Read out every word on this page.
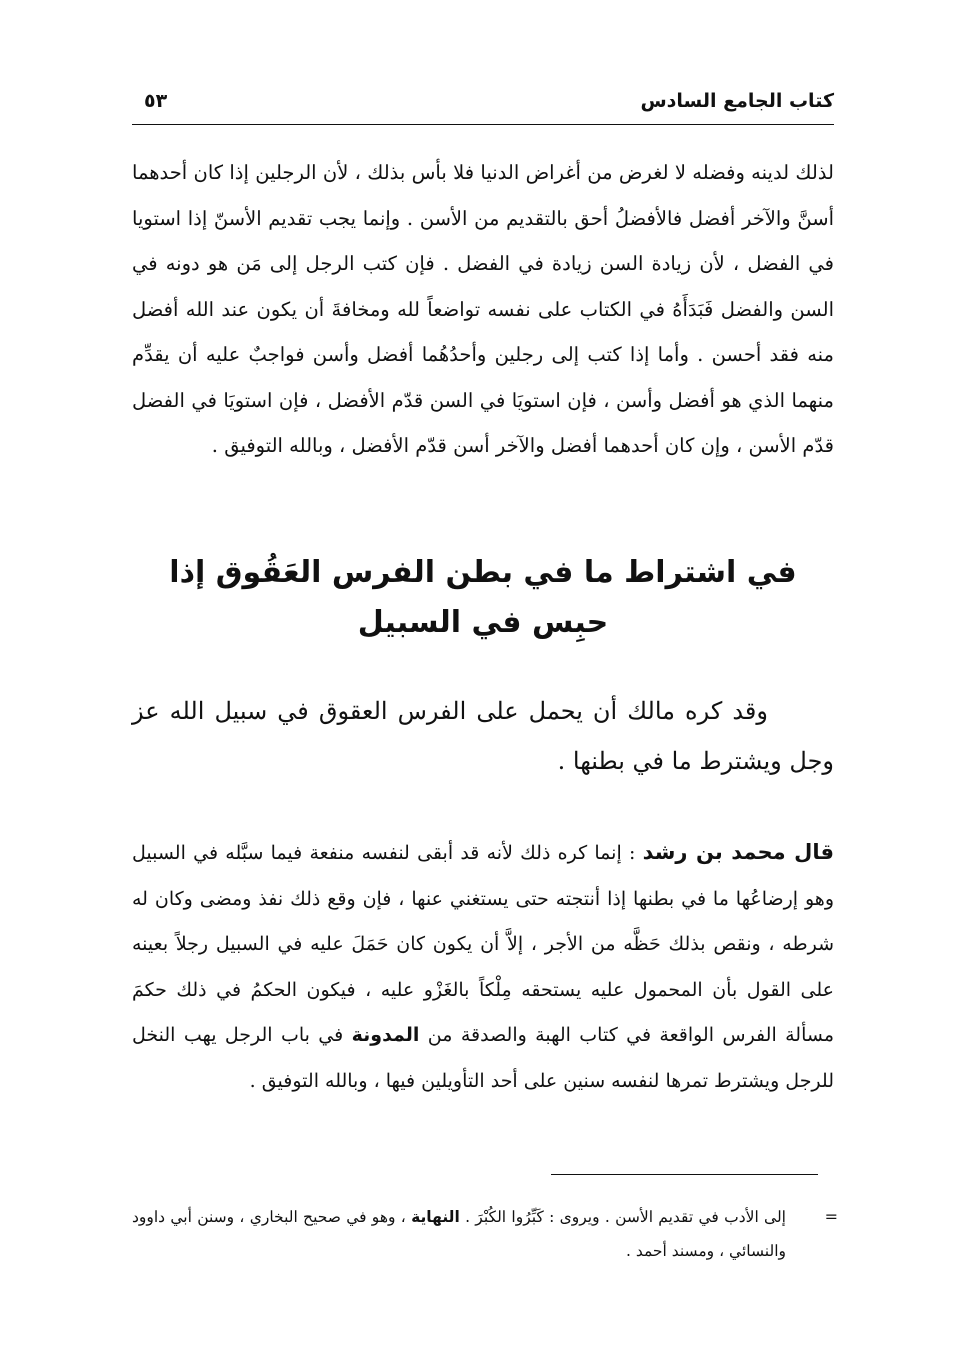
كتاب الجامع السادس
٥٣

لذلك لدينه وفضله لا لغرض من أغراض الدنيا فلا بأس بذلك ، لأن الرجلين إذا كان أحدهما أسنَّ والآخر أفضل فالأفضلُ أحق بالتقديم من الأسن . وإنما يجب تقديم الأسنّ إذا استويا في الفضل ، لأن زيادة السن زيادة في الفضل . فإن كتب الرجل إلى مَن هو دونه في السن والفضل فَبَدَأَهُ في الكتاب على نفسه تواضعاً لله ومخافةَ أن يكون عند الله أفضل منه فقد أحسن . وأما إذا كتب إلى رجلين وأحدُهُما أفضل وأسن فواجبٌ عليه أن يقدِّم منهما الذي هو أفضل وأسن ، فإن استويَا في السن قدّم الأفضل ، فإن استويَا في الفضل قدّم الأسن ، وإن كان أحدهما أفضل والآخر أسن قدّم الأفضل ، وبالله التوفيق .

في اشتراط ما في بطن الفرس العَقُوق إذا حبِس في السبيل

وقد كره مالك أن يحمل على الفرس العقوق في سبيل الله عز وجل ويشترط ما في بطنها .

قال محمد بن رشد : إنما كره ذلك لأنه قد أبقى لنفسه منفعة فيما سبَّله في السبيل وهو إرضاعُها ما في بطنها إذا أنتجته حتى يستغني عنها ، فإن وقع ذلك نفذ ومضى وكان له شرطه ، ونقص بذلك حَظَّه من الأجر ، إلاَّ أن يكون كان حَمَلَ عليه في السبيل رجلاً بعينه على القول بأن المحمول عليه يستحقه مِلْكاً بالغَزْو عليه ، فيكون الحكمُ في ذلك حكمَ مسألة الفرس الواقعة في كتاب الهبة والصدقة من المدونة في باب الرجل يهب النخل للرجل ويشترط تمرها لنفسه سنين على أحد التأويلين فيها ، وبالله التوفيق .

=
إلى الأدب في تقديم الأسن . ويروى : كَبِّرُوا الكُبْرَ . النهاية ، وهو في صحيح البخاري ، وسنن أبي داوود والنسائي ، ومسند أحمد .
